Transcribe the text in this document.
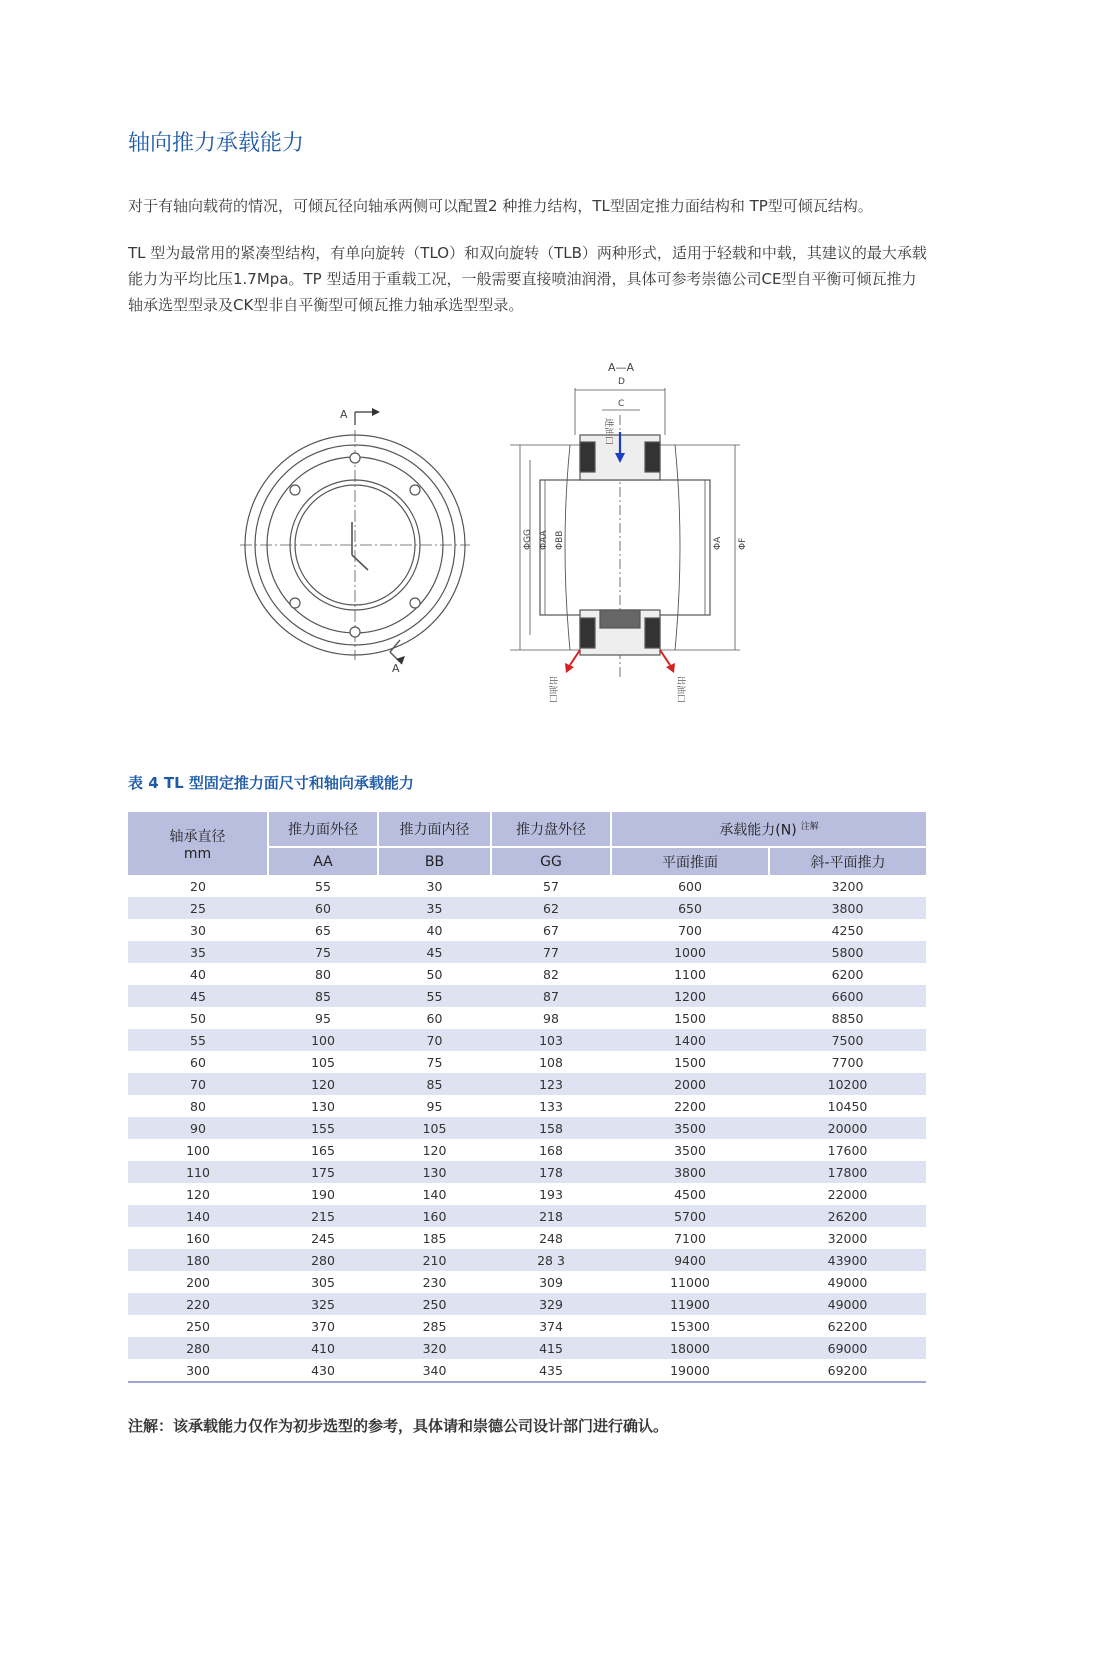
轴向推力承载能力

对于有轴向载荷的情况，可倾瓦径向轴承两侧可以配置2 种推力结构，TL型固定推力面结构和 TP型可倾瓦结构。

TL 型为最常用的紧凑型结构，有单向旋转（TLO）和双向旋转（TLB）两种形式，适用于轻载和中载，其建议的最大承载能力为平均比压1.7Mpa。TP 型适用于重载工况，一般需要直接喷油润滑，具体可参考崇德公司CE型自平衡可倾瓦推力轴承选型型录及CK型非自平衡型可倾瓦推力轴承选型型录。

A
A
A—A
D
C
ΦGG ΦAA ΦBB	ΦA ΦF
进油口
出油口	出油口

表 4 TL 型固定推力面尺寸和轴向承载能力

轴承直径
mm	推力面外径	推力面内径	推力盘外径	承载能力(N) $^{注解}$
	AA	BB	GG	平面推面	斜-平面推力
20	55	30	57	600	3200
25	60	35	62	650	3800
30	65	40	67	700	4250
35	75	45	77	1000	5800
40	80	50	82	1100	6200
45	85	55	87	1200	6600
50	95	60	98	1500	8850
55	100	70	103	1400	7500
60	105	75	108	1500	7700
70	120	85	123	2000	10200
80	130	95	133	2200	10450
90	155	105	158	3500	20000
100	165	120	168	3500	17600
110	175	130	178	3800	17800
120	190	140	193	4500	22000
140	215	160	218	5700	26200
160	245	185	248	7100	32000
180	280	210	28 3	9400	43900
200	305	230	309	11000	49000
220	325	250	329	11900	49000
250	370	285	374	15300	62200
280	410	320	415	18000	69000
300	430	340	435	19000	69200

注解：该承载能力仅作为初步选型的参考，具体请和崇德公司设计部门进行确认。
